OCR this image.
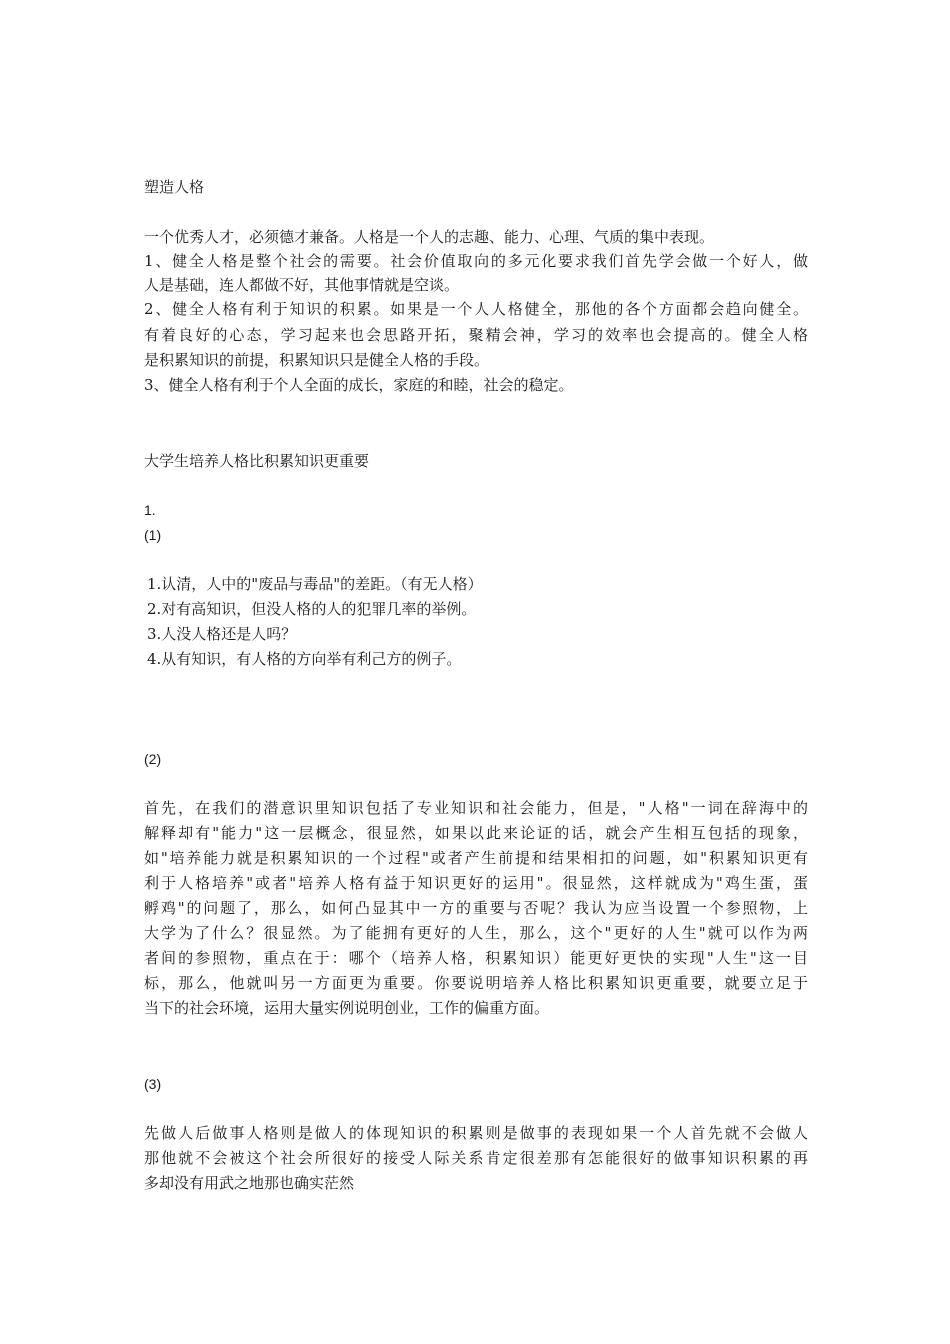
塑造人格
一个优秀人才，必须德才兼备。人格是一个人的志趣、能力、心理、气质的集中表现。
1、健全人格是整个社会的需要。社会价值取向的多元化要求我们首先学会做一个好人，做
人是基础，连人都做不好，其他事情就是空谈。
2、健全人格有利于知识的积累。如果是一个人人格健全，那他的各个方面都会趋向健全。
有着良好的心态，学习起来也会思路开拓，聚精会神，学习的效率也会提高的。健全人格
是积累知识的前提，积累知识只是健全人格的手段。
3、健全人格有利于个人全面的成长，家庭的和睦，社会的稳定。
大学生培养人格比积累知识更重要
1.
(1)
1.认清，人中的"废品与毒品"的差距。（有无人格）
2.对有高知识，但没人格的人的犯罪几率的举例。
3.人没人格还是人吗？
4.从有知识，有人格的方向举有利己方的例子。
(2)
首先，在我们的潜意识里知识包括了专业知识和社会能力，但是，"人格"一词在辞海中的
解释却有"能力"这一层概念，很显然，如果以此来论证的话，就会产生相互包括的现象，
如"培养能力就是积累知识的一个过程"或者产生前提和结果相扣的问题，如"积累知识更有
利于人格培养"或者"培养人格有益于知识更好的运用"。很显然，这样就成为"鸡生蛋，蛋
孵鸡"的问题了，那么，如何凸显其中一方的重要与否呢？我认为应当设置一个参照物，上
大学为了什么？很显然。为了能拥有更好的人生，那么，这个"更好的人生"就可以作为两
者间的参照物，重点在于：哪个（培养人格，积累知识）能更好更快的实现"人生"这一目
标，那么，他就叫另一方面更为重要。你要说明培养人格比积累知识更重要，就要立足于
当下的社会环境，运用大量实例说明创业，工作的偏重方面。
(3)
先做人后做事人格则是做人的体现知识的积累则是做事的表现如果一个人首先就不会做人
那他就不会被这个社会所很好的接受人际关系肯定很差那有怎能很好的做事知识积累的再
多却没有用武之地那也确实茫然
